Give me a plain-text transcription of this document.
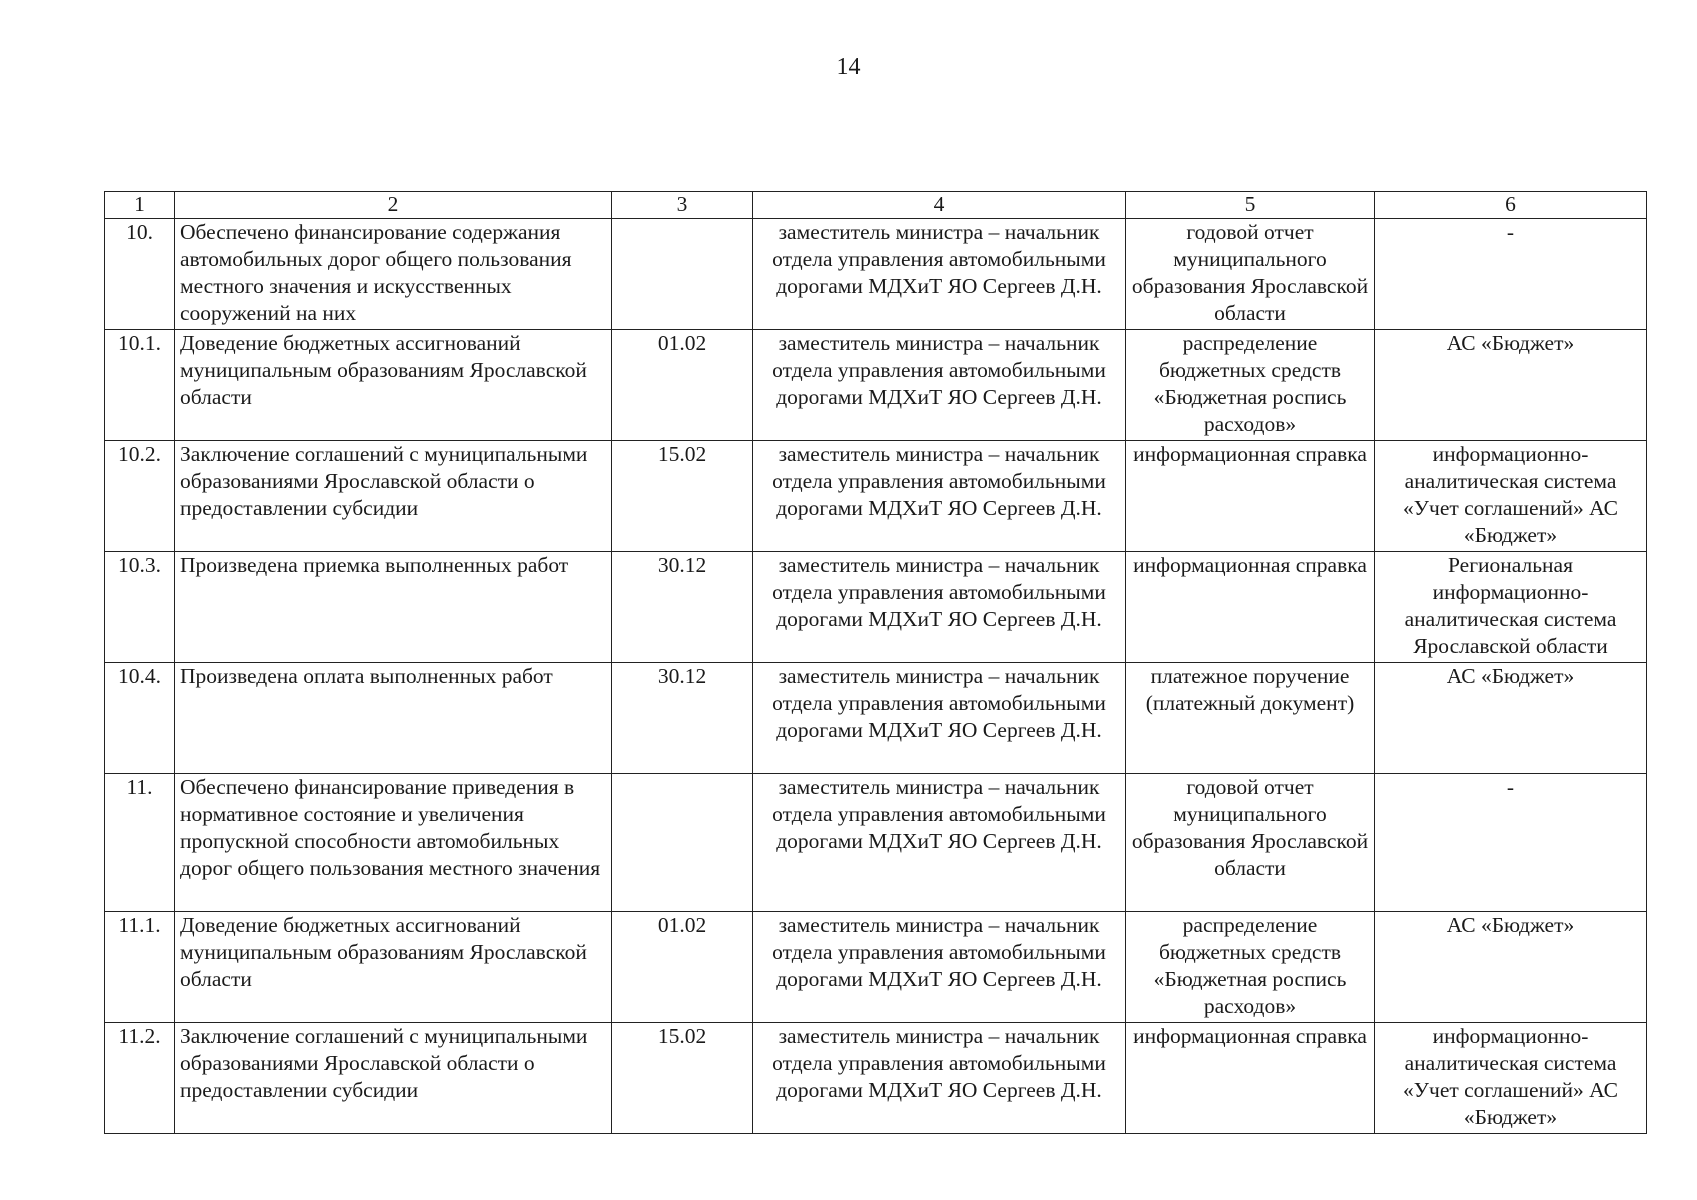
14
1	2	3	4	5	6
10.	Обеспечено финансирование содержания автомобильных дорог общего пользования местного значения и искусственных сооружений на них		заместитель министра – начальник отдела управления автомобильными дорогами МДХиТ ЯО Сергеев Д.Н.	годовой отчет муниципального образования Ярославской области	-
10.1.	Доведение бюджетных ассигнований муниципальным образованиям Ярославской области	01.02	заместитель министра – начальник отдела управления автомобильными дорогами МДХиТ ЯО Сергеев Д.Н.	распределение бюджетных средств «Бюджетная роспись расходов»	АС «Бюджет»
10.2.	Заключение соглашений с муниципальными образованиями Ярославской области о предоставлении субсидии	15.02	заместитель министра – начальник отдела управления автомобильными дорогами МДХиТ ЯО Сергеев Д.Н.	информационная справка	информационно-аналитическая система «Учет соглашений» АС «Бюджет»
10.3.	Произведена приемка выполненных работ	30.12	заместитель министра – начальник отдела управления автомобильными дорогами МДХиТ ЯО Сергеев Д.Н.	информационная справка	Региональная информационно-аналитическая система Ярославской области
10.4.	Произведена оплата выполненных работ	30.12	заместитель министра – начальник отдела управления автомобильными дорогами МДХиТ ЯО Сергеев Д.Н.	платежное поручение (платежный документ)	АС «Бюджет»
11.	Обеспечено финансирование приведения в нормативное состояние и увеличения пропускной способности автомобильных дорог общего пользования местного значения		заместитель министра – начальник отдела управления автомобильными дорогами МДХиТ ЯО Сергеев Д.Н.	годовой отчет муниципального образования Ярославской области	-
11.1.	Доведение бюджетных ассигнований муниципальным образованиям Ярославской области	01.02	заместитель министра – начальник отдела управления автомобильными дорогами МДХиТ ЯО Сергеев Д.Н.	распределение бюджетных средств «Бюджетная роспись расходов»	АС «Бюджет»
11.2.	Заключение соглашений с муниципальными образованиями Ярославской области о предоставлении субсидии	15.02	заместитель министра – начальник отдела управления автомобильными дорогами МДХиТ ЯО Сергеев Д.Н.	информационная справка	информационно-аналитическая система «Учет соглашений» АС «Бюджет»
